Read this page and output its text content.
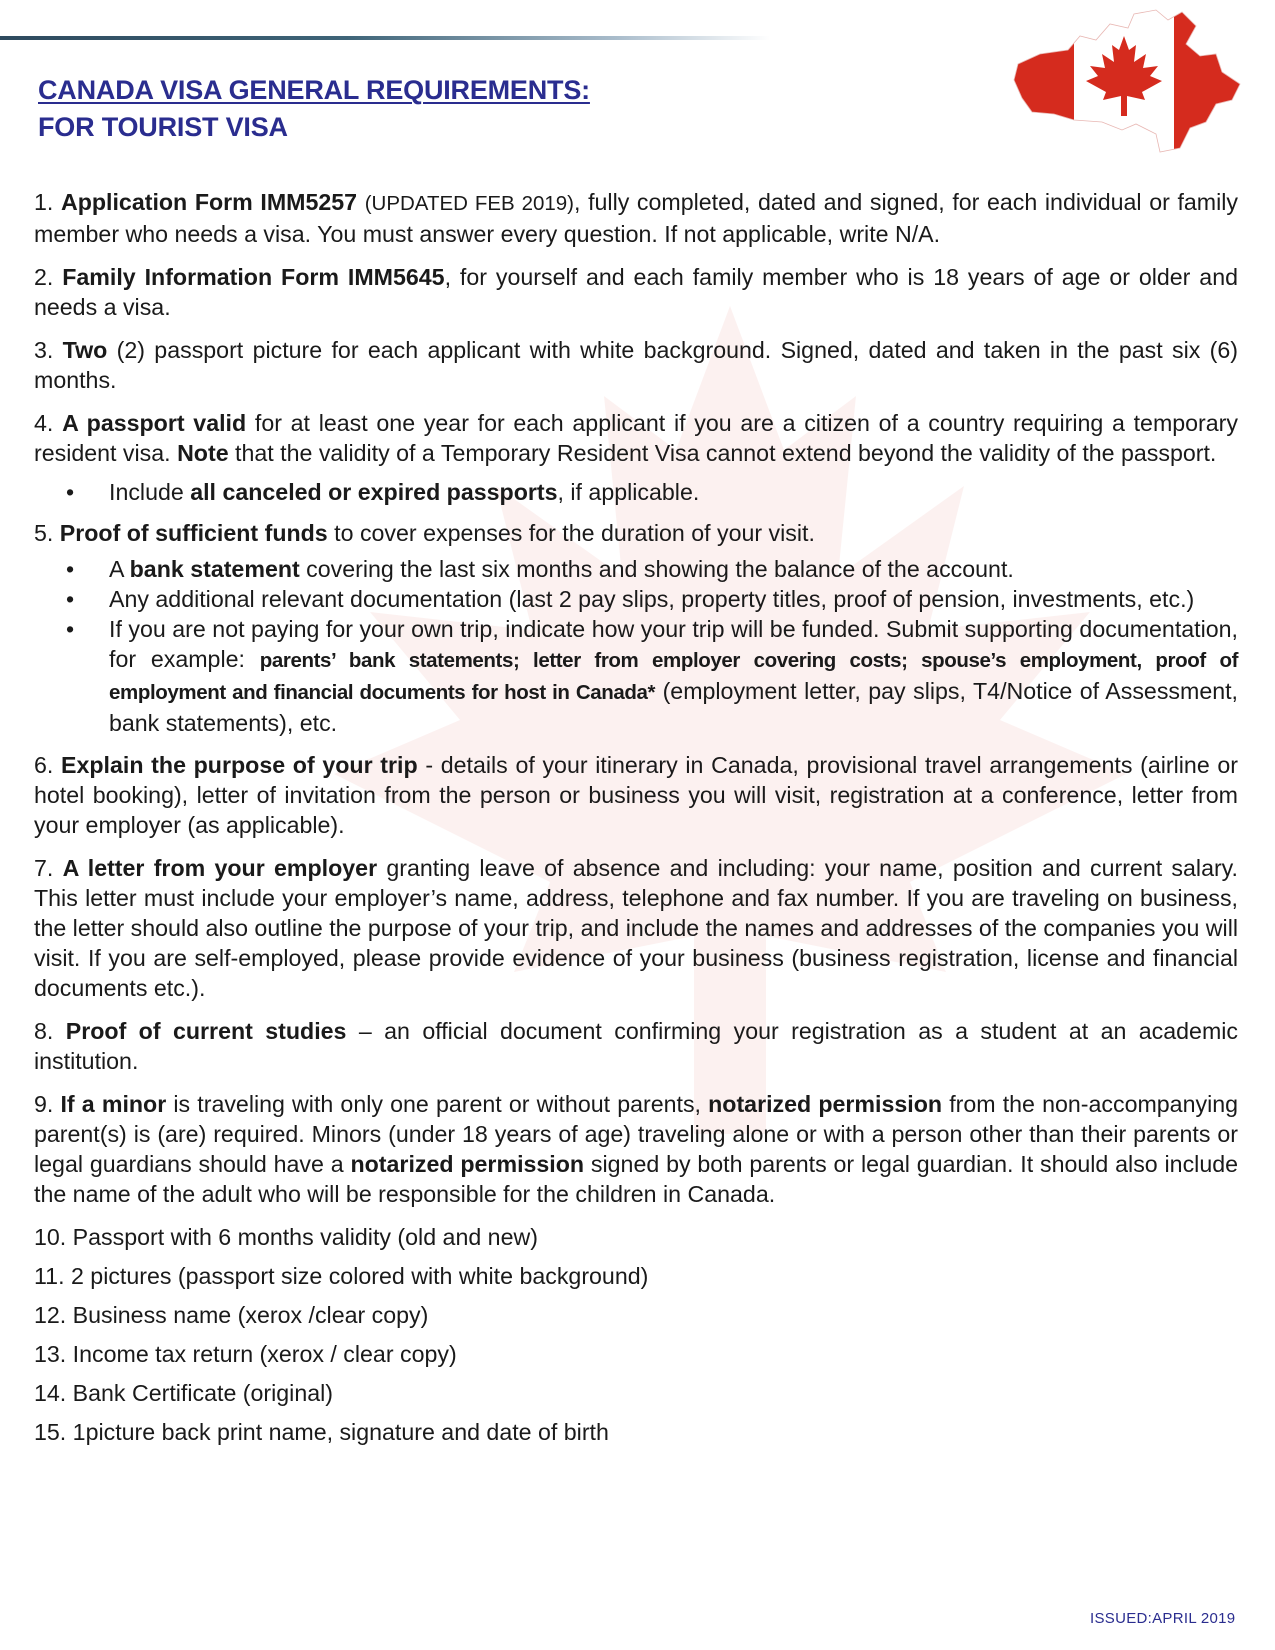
CANADA VISA GENERAL REQUIREMENTS:
FOR TOURIST VISA

1. Application Form IMM5257 (UPDATED FEB 2019), fully completed, dated and signed, for each individual or family member who needs a visa. You must answer every question. If not applicable, write N/A.

2. Family Information Form IMM5645, for yourself and each family member who is 18 years of age or older and needs a visa.

3. Two (2) passport picture for each applicant with white background. Signed, dated and taken in the past six (6) months.

4. A passport valid for at least one year for each applicant if you are a citizen of a country requiring a temporary resident visa. Note that the validity of a Temporary Resident Visa cannot extend beyond the validity of the passport.

• Include all canceled or expired passports, if applicable.

5. Proof of sufficient funds to cover expenses for the duration of your visit.

• A bank statement covering the last six months and showing the balance of the account.
• Any additional relevant documentation (last 2 pay slips, property titles, proof of pension, investments, etc.)
• If you are not paying for your own trip, indicate how your trip will be funded. Submit supporting documentation, for example: parents’ bank statements; letter from employer covering costs; spouse’s employment, proof of employment and financial documents for host in Canada* (employment letter, pay slips, T4/Notice of Assessment, bank statements), etc.

6. Explain the purpose of your trip - details of your itinerary in Canada, provisional travel arrangements (airline or hotel booking), letter of invitation from the person or business you will visit, registration at a conference, letter from your employer (as applicable).

7. A letter from your employer granting leave of absence and including: your name, position and current salary. This letter must include your employer’s name, address, telephone and fax number. If you are traveling on business, the letter should also outline the purpose of your trip, and include the names and addresses of the companies you will visit. If you are self-employed, please provide evidence of your business (business registration, license and financial documents etc.).

8. Proof of current studies – an official document confirming your registration as a student at an academic institution.

9. If a minor is traveling with only one parent or without parents, notarized permission from the non-accompanying parent(s) is (are) required. Minors (under 18 years of age) traveling alone or with a person other than their parents or legal guardians should have a notarized permission signed by both parents or legal guardian. It should also include the name of the adult who will be responsible for the children in Canada.

10. Passport with 6 months validity (old and new)

11. 2 pictures (passport size colored with white background)

12. Business name (xerox /clear copy)

13. Income tax return (xerox / clear copy)

14. Bank Certificate (original)

15. 1picture back print name, signature and date of birth

ISSUED:APRIL 2019
